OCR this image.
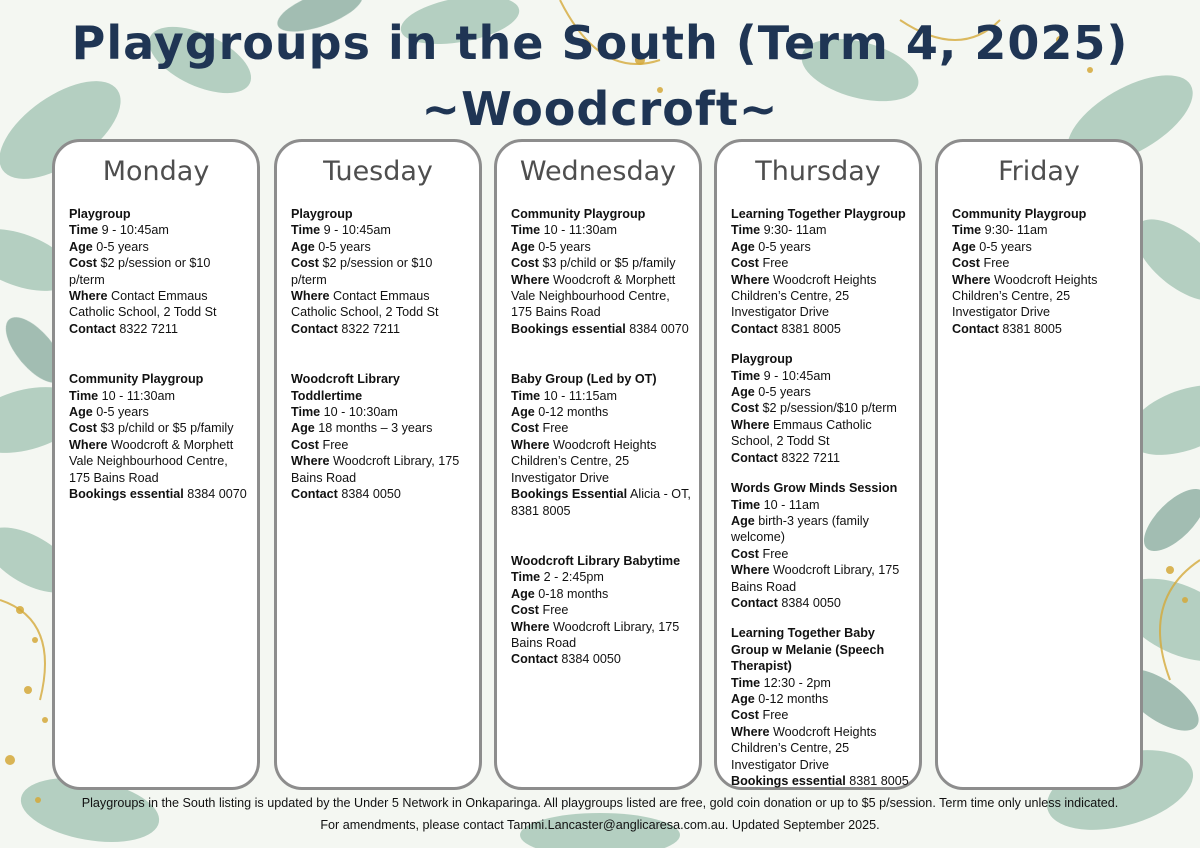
Playgroups in the South (Term 4, 2025)
~Woodcroft~
Monday
Playgroup
Time 9 - 10:45am
Age 0-5 years
Cost $2 p/session or $10 p/term
Where Contact Emmaus Catholic School, 2 Todd St
Contact 8322 7211
Community Playgroup
Time 10 - 11:30am
Age 0-5 years
Cost $3 p/child or $5 p/family
Where Woodcroft & Morphett Vale Neighbourhood Centre, 175 Bains Road
Bookings essential 8384 0070
Tuesday
Playgroup
Time 9 - 10:45am
Age 0-5 years
Cost $2 p/session or $10 p/term
Where Contact Emmaus Catholic School, 2 Todd St
Contact 8322 7211
Woodcroft Library Toddlertime
Time 10 - 10:30am
Age 18 months – 3 years
Cost Free
Where Woodcroft Library, 175 Bains Road
Contact 8384 0050
Wednesday
Community Playgroup
Time 10 - 11:30am
Age 0-5 years
Cost $3 p/child or $5 p/family
Where Woodcroft & Morphett Vale Neighbourhood Centre, 175 Bains Road
Bookings essential 8384 0070
Baby Group (Led by OT)
Time 10 - 11:15am
Age 0-12 months
Cost Free
Where Woodcroft Heights Children’s Centre, 25 Investigator Drive
Bookings Essential Alicia - OT, 8381 8005
Woodcroft Library Babytime
Time 2 - 2:45pm
Age 0-18 months
Cost Free
Where Woodcroft Library, 175 Bains Road
Contact 8384 0050
Thursday
Learning Together Playgroup
Time 9:30- 11am
Age 0-5 years
Cost Free
Where Woodcroft Heights Children’s Centre, 25 Investigator Drive
Contact 8381 8005
Playgroup
Time 9 - 10:45am
Age 0-5 years
Cost $2 p/session/$10 p/term
Where Emmaus Catholic School, 2 Todd St
Contact 8322 7211
Words Grow Minds Session
Time 10 - 11am
Age birth-3 years (family welcome)
Cost Free
Where Woodcroft Library, 175 Bains Road
Contact 8384 0050
Learning Together Baby Group w Melanie (Speech Therapist)
Time 12:30 - 2pm
Age 0-12 months
Cost Free
Where Woodcroft Heights Children’s Centre, 25 Investigator Drive
Bookings essential 8381 8005
Friday
Community Playgroup
Time 9:30- 11am
Age 0-5 years
Cost Free
Where Woodcroft Heights Children’s Centre, 25 Investigator Drive
Contact 8381 8005
Playgroups in the South listing is updated by the Under 5 Network in Onkaparinga. All playgroups listed are free, gold coin donation or up to $5 p/session. Term time only unless indicated.
For amendments, please contact Tammi.Lancaster@anglicaresa.com.au. Updated September 2025.
